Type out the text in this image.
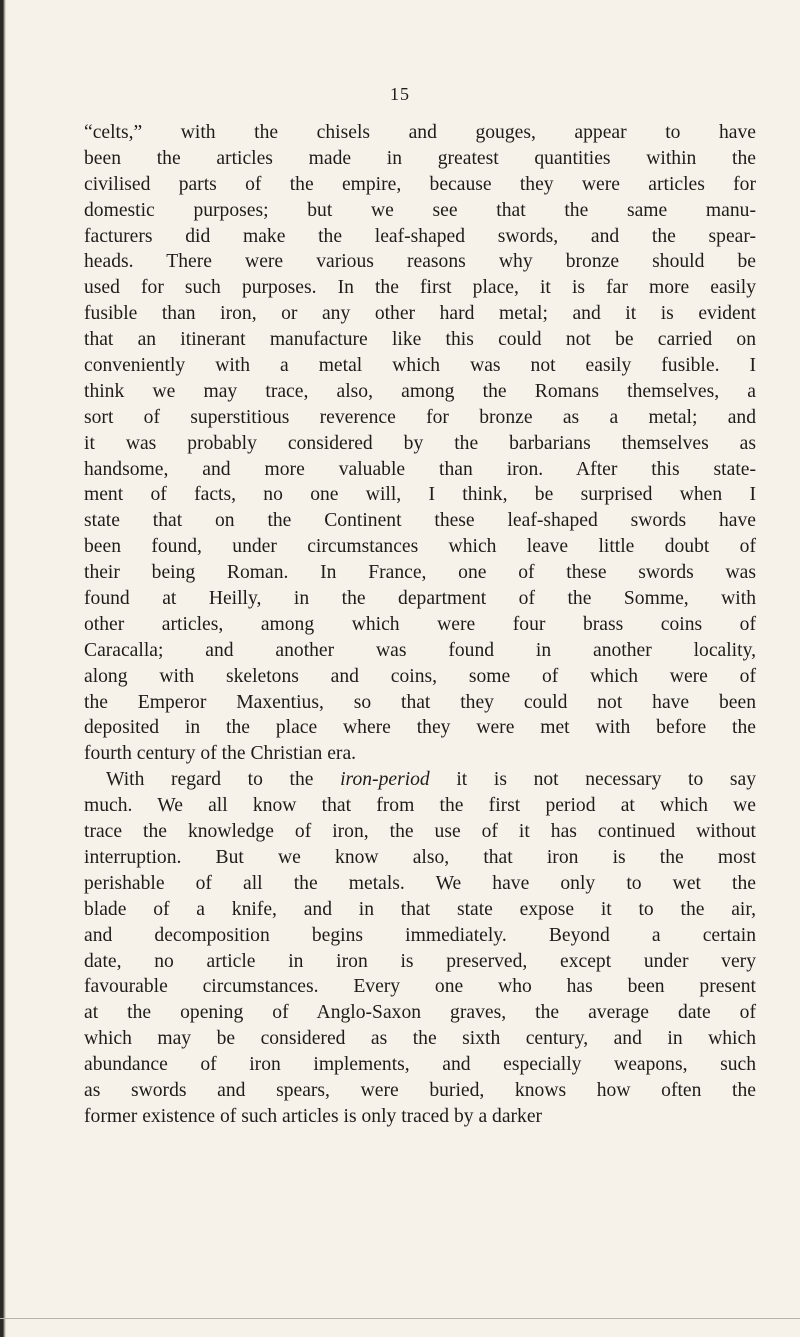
15
“celts,” with the chisels and gouges, appear to have
been the articles made in greatest quantities within the
civilised parts of the empire, because they were articles for
domestic purposes; but we see that the same manu-
facturers did make the leaf-shaped swords, and the spear-
heads. There were various reasons why bronze should be
used for such purposes. In the first place, it is far more easily
fusible than iron, or any other hard metal; and it is evident
that an itinerant manufacture like this could not be carried on
conveniently with a metal which was not easily fusible. I
think we may trace, also, among the Romans themselves, a
sort of superstitious reverence for bronze as a metal; and
it was probably considered by the barbarians themselves as
handsome, and more valuable than iron. After this state-
ment of facts, no one will, I think, be surprised when I
state that on the Continent these leaf-shaped swords have
been found, under circumstances which leave little doubt of
their being Roman. In France, one of these swords was
found at Heilly, in the department of the Somme, with
other articles, among which were four brass coins of
Caracalla; and another was found in another locality,
along with skeletons and coins, some of which were of
the Emperor Maxentius, so that they could not have been
deposited in the place where they were met with before the
fourth century of the Christian era.
With regard to the iron-period it is not necessary to say
much. We all know that from the first period at which we
trace the knowledge of iron, the use of it has continued without
interruption. But we know also, that iron is the most
perishable of all the metals. We have only to wet the
blade of a knife, and in that state expose it to the air,
and decomposition begins immediately. Beyond a certain
date, no article in iron is preserved, except under very
favourable circumstances. Every one who has been present
at the opening of Anglo-Saxon graves, the average date of
which may be considered as the sixth century, and in which
abundance of iron implements, and especially weapons, such
as swords and spears, were buried, knows how often the
former existence of such articles is only traced by a darker
